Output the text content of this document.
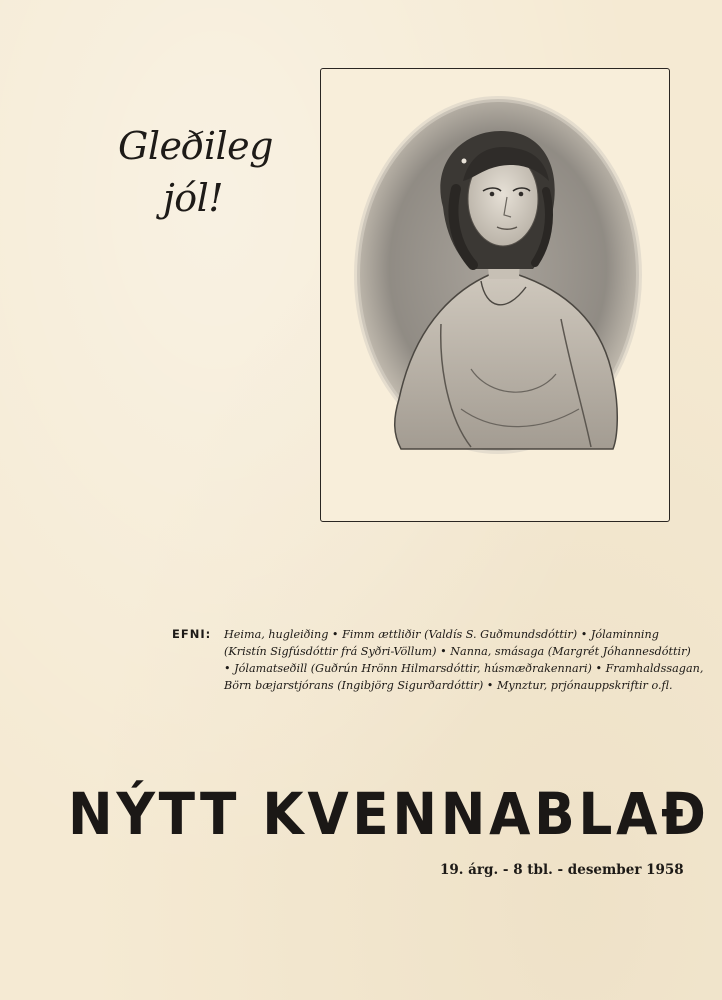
Gleðileg
jól!
EFNI: Heima, hugleiðing • Fimm ættliðir (Valdís S. Guðmundsdóttir) • Jólaminning
(Kristín Sigfúsdóttir frá Syðri-Völlum) • Nanna, smásaga (Margrét Jóhannesdóttir)
• Jólamatseðill (Guðrún Hrönn Hilmarsdóttir, húsmæðrakennari) • Framhaldssagan,
Börn bæjarstjórans (Ingibjörg Sigurðardóttir) • Mynztur, prjónauppskriftir o.fl.
NÝTT KVENNABLAÐ
19. árg. - 8 tbl. - desember 1958
